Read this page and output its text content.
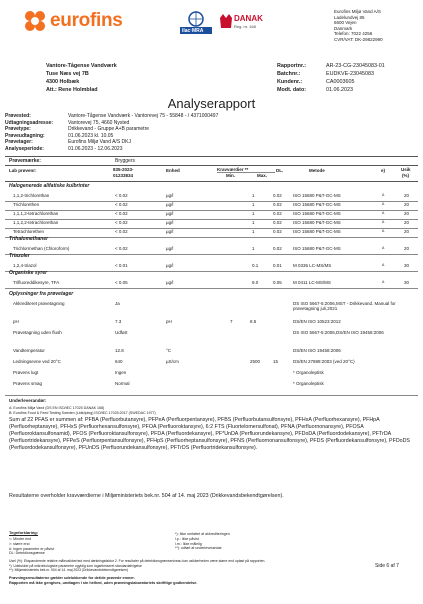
eurofins	ilac·MRA
DANAK
Reg. nr. 168
Eurofins Miljø Vand A/S
Ladelundvej 85
6600 Vejen
Danmark
Telefon: 7022 4256
CVR/VAT: DK-29822990
Vantore-Tågense Vandværk
Tuse Næs vej 7B
4300 Holbæk
Att.: Rene Holmblad
Rapportnr.:	AR-23-CG-23045083-01
Batchnr.:	EUDKVE-23045083
Kundenr.:	CA0003605
Modt. dato:	01.06.2023
Analyserapport
Prøvested:	Vantore-Tågense Vandværk - Vantorevej 75 - 55848 - / 4371000497
Udtagningsadresse:	Vantorevej 75, 4660 Nysted
Prøvetype:	Drikkevand - Gruppe A+B parametre
Prøveudtagning:	01.06.2023 kl. 10.05
Prøvetager:	Eurofins Miljø Vand A/S DKJ
Analyseperiode:	01.06.2023 - 12.06.2023
Prøvemærke:	Bryggers
Lab prøvenr:	835-2023-
01233834
Enhed	Kravværdier **
Min.	Max.
DL.	Metode	e)	Usik
(%)
Halogenerede alifatiske kulbrinter
1,1,2-trichlorethan	< 0.02	µg/l	1	0.02 ISO 15680 P&T-GC-MS	A	20
Trichlorethen	< 0.02	µg/l	1	0.02 ISO 15680 P&T-GC-MS	A	20
1,1,1,2-tetrachlorethan	< 0.02	µg/l	1	0.02 ISO 15680 P&T-GC-MS	A	20
1,1,2,2-tetrachlorethan	< 0.02	µg/l	1	0.02 ISO 15680 P&T-GC-MS	A	20
Tetrachlorethen	< 0.02	µg/l	1	0.02 ISO 15680 P&T-GC-MS	A	20
Trihalomethaner
Trichlormethan (Chloroform)	< 0.02	µg/l	1	0.02 ISO 15680 P&T-GC-MS	A	20
Triazoler
1,2,4-triazol	< 0.01	µg/l	0.1	0.01 M 0336 LC-MS/MS	A	30
Organiske syrer
Trifluoreddikesyre, TFA	< 0.05	µg/l	9.0	0.05 M 0411 LC-MS/MS	A	30
Oplysninger fra prøvetager
Akkrediteret prøvetagning	Ja	DS ISO 5667-5:2006,MST - Drikkevand. Manual for prøvetagning juli,2021
pH	7.3	pH	7	8.5	DS/EN ISO 10523:2012
Prøvetagning uden flush	Udført	DS ISO 5667-5:2006,DS/EN ISO 19458:2006
Vandtemperatur	12.8	°C	DS/EN ISO 19458:2006
Ledningsevne ved 20°C	640	µS/cm	2500	15	DS/EN 27888:2003 (ved 20°C)
Prøvens lugt	Ingen	* Organoleptisk
Prøvens smag	Normal	* Organoleptisk
Underleverandør:
A: Eurofins Miljø Vand (DS EN ISO/IEC 17025 DANAK 168)
B: Eurofins Food & Feed Testing Sweden (Lidköping) ISO/IEC 17025:2017 (SWEDAC 1977)
Sum af 22 PFAS er summen af: PFBA (Perfluorbutansyre), PFPeA (Perfluorpentansyre), PFBS (Perfluorbutansulfonsyre), PFHxA (Perfluorhexansyre), PFHpA (Perfluorheptansyre), PFHxS (Perfluorhexansulfonsyre), PFOA (Perfluoroktansyre), 6:2 FTS (Fluortelomersulfonat), PFNA (Perfluornonansyre), PFOSA (Perfluoroktansulfonamid), PFOS (Perfluoroktansulfonsyre), PFDA (Perfluordekansyre), PF*UnDA (Perfluorundekansyre), PFDoDA (Perfluordodekansyre), PFTrDA (Perfluortridekansyre), PFPeS (Perfluorpentansulfonsyre), PFHpS (Perfluorheptansulfonsyre), PFNS (Perfluornonansulfonsyre), PFDS (Perfluordekansulfonsyre), PFDoDS (Perfluordodekansulfonsyre), PFUnDS (Perfluorundekansulfonsyre), PFTrDS (Perfluortridekansulfonsyre).
Resultaterne overholder kravværdierne i Miljøministeriets bek.nr. 504 af 14. maj 2023 (Drikkevandsbekendtgørelsen).
Tegnforklaring:
<: Mindre end
>: større end
#: Ingen parametre er påvist
DL: Detektionsgrænse
*): Ikke omfattet af akkrediteringen
i.p.: Ikke påvist
i.m.: Ikke målelig
**): udført af underleverandør
Usel (%): Ekspanderede relative måleusikkerhed med dækningsfaktor 2. For resultater på detektionsgrænseniveau kan usikkerheden være større end opløst på rapporten.
*): Udelukker på mikrobiologiske parametre ugyldig som logaritmiseret standardafvigelse
**): Miljøministeriets bek.nr. 504 af 14. maj 2023 (Drikkevandsbekendtgørelsen)
Side 6 af 7
Prøvningsresultaterne gælder udelukkende for det/de prøvede emner.
Rapporten må ikke gengives, undtagen i sin helhed, uden prøvningslaboratoriets skriftlige godkendelse.
